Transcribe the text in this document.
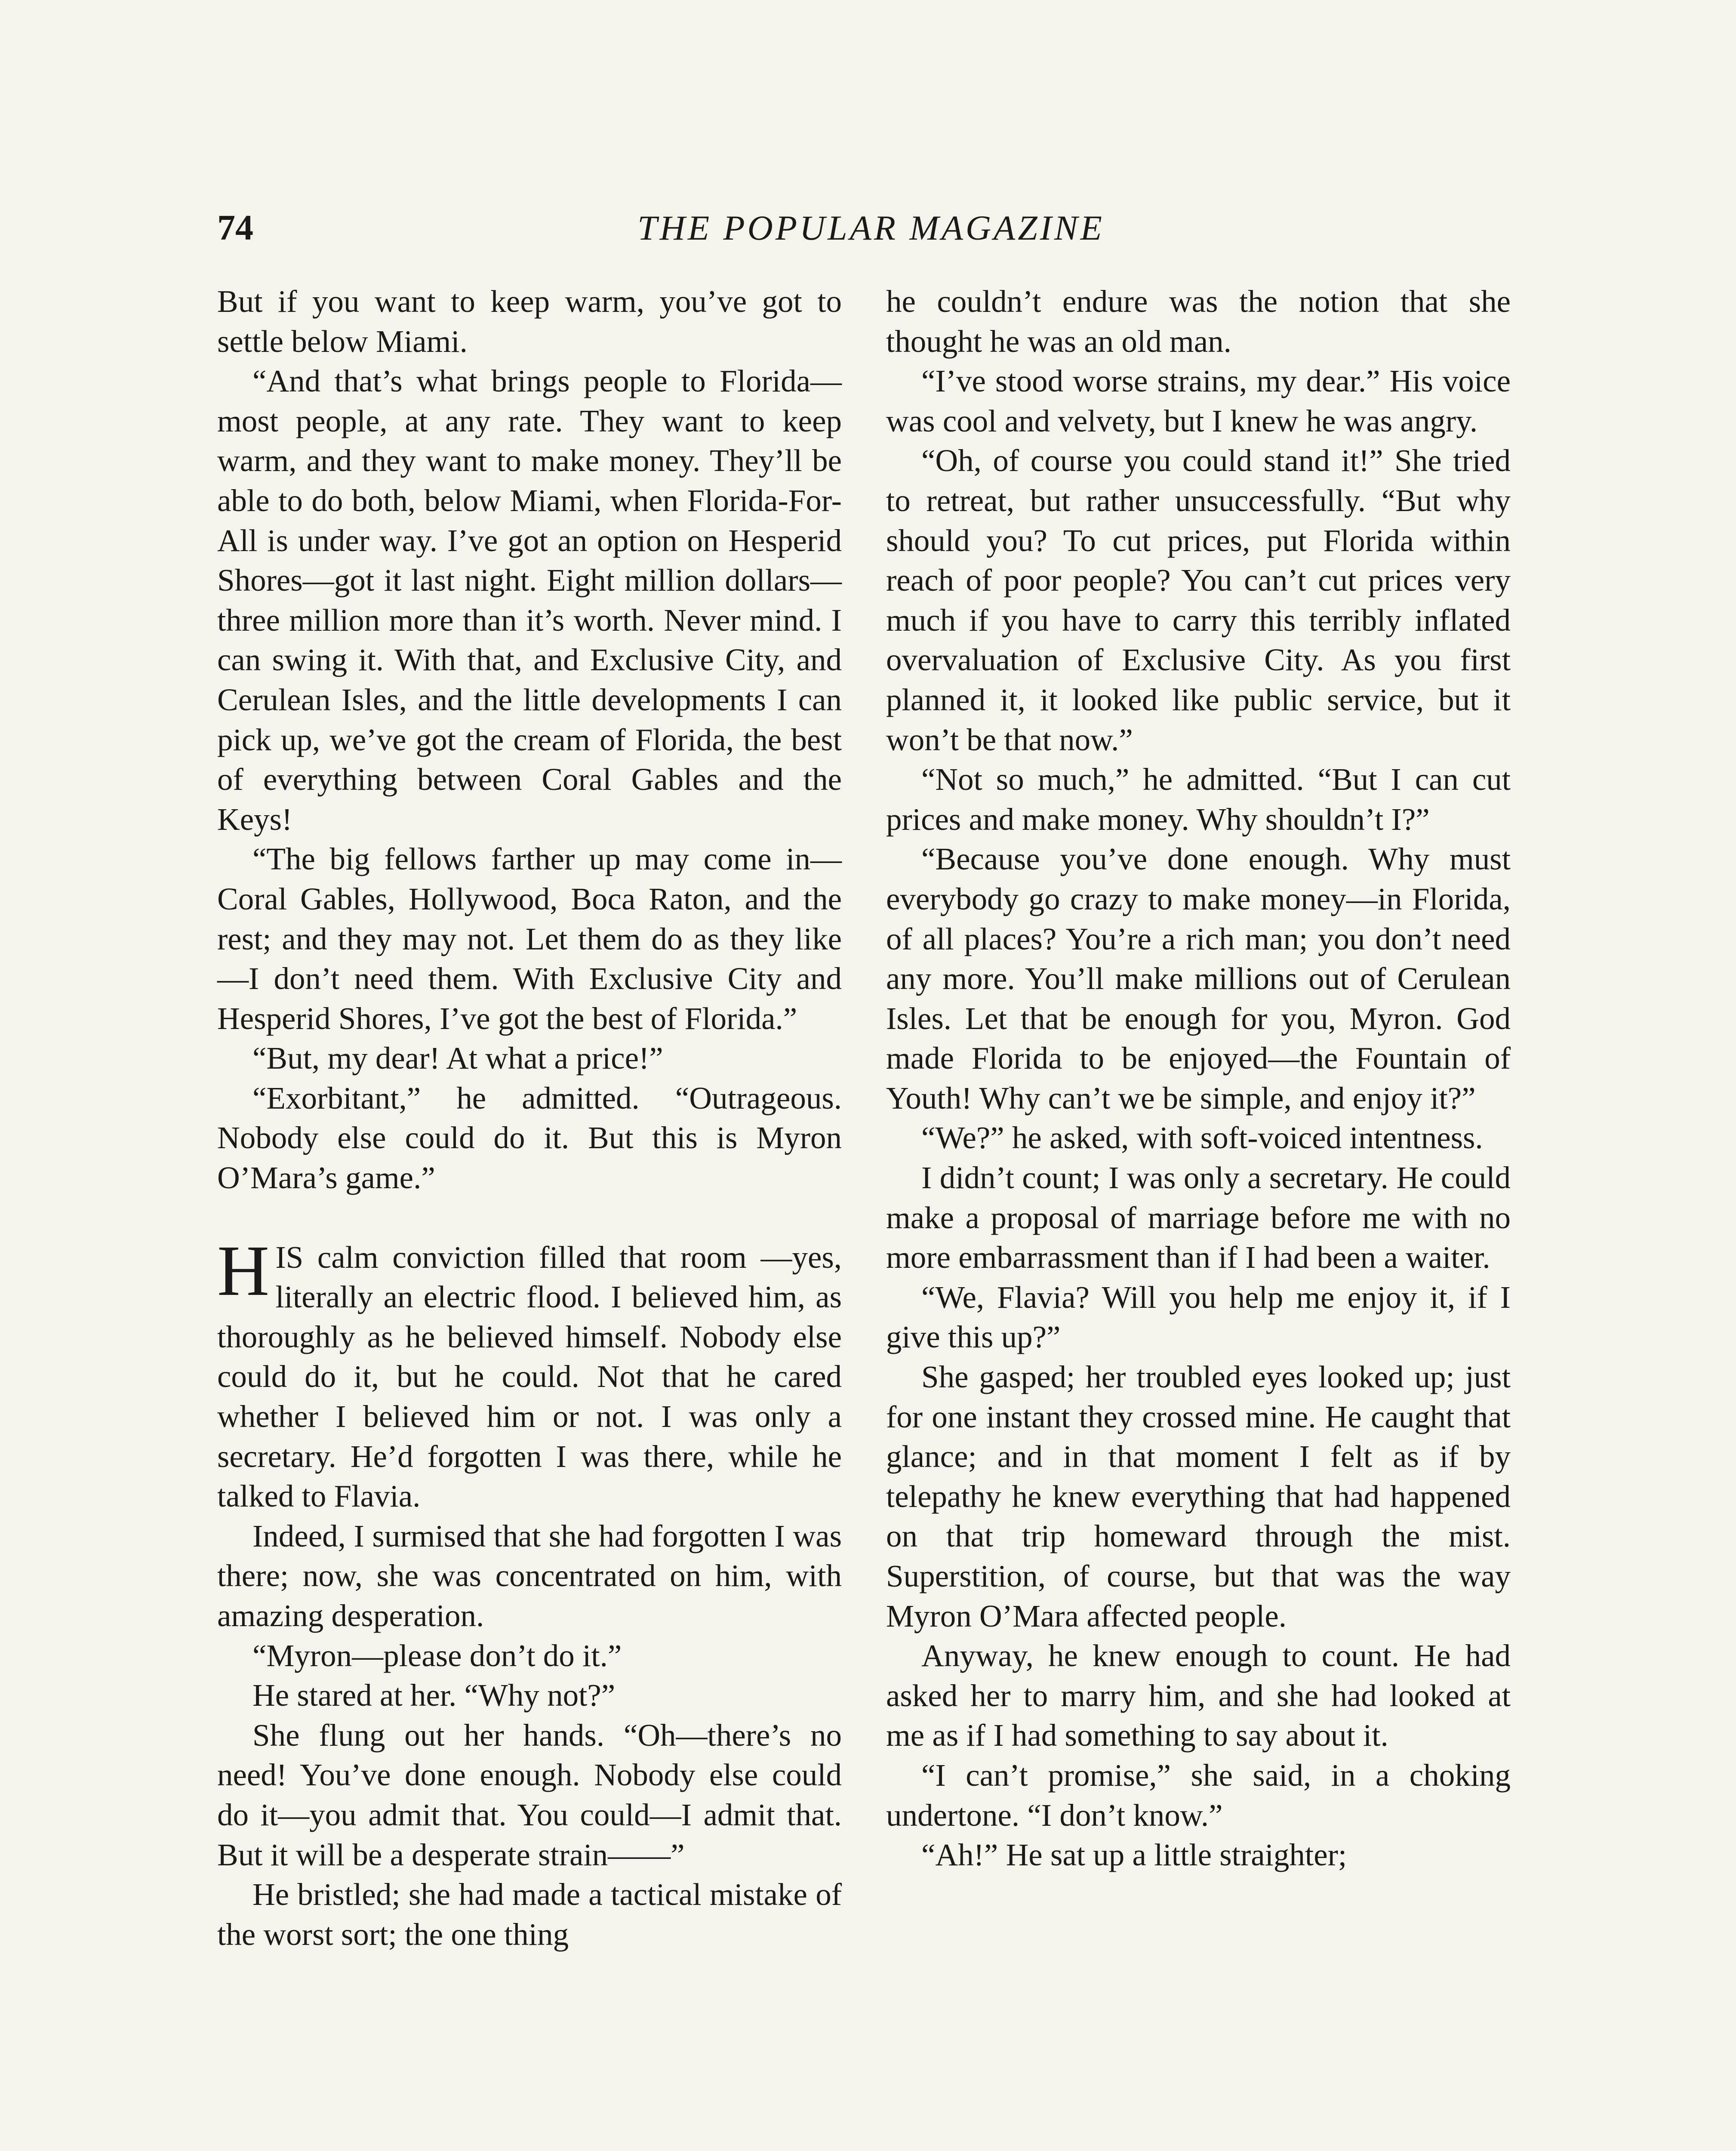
74	THE POPULAR MAGAZINE

But if you want to keep warm, you’ve got to settle below Miami.

“And that’s what brings people to Florida—most people, at any rate. They want to keep warm, and they want to make money. They’ll be able to do both, below Miami, when Florida-For-All is under way. I’ve got an option on Hesperid Shores—got it last night. Eight million dollars—three million more than it’s worth. Never mind. I can swing it. With that, and Exclusive City, and Cerulean Isles, and the little developments I can pick up, we’ve got the cream of Florida, the best of everything between Coral Gables and the Keys!

“The big fellows farther up may come in—Coral Gables, Hollywood, Boca Raton, and the rest; and they may not. Let them do as they like—I don’t need them. With Exclusive City and Hesperid Shores, I’ve got the best of Florida.”

“But, my dear! At what a price!”

“Exorbitant,” he admitted. “Outrageous. Nobody else could do it. But this is Myron O’Mara’s game.”

HIS calm conviction filled that room —yes, literally an electric flood. I believed him, as thoroughly as he believed himself. Nobody else could do it, but he could. Not that he cared whether I believed him or not. I was only a secretary. He’d forgotten I was there, while he talked to Flavia.

Indeed, I surmised that she had forgotten I was there; now, she was concentrated on him, with amazing desperation.

“Myron—please don’t do it.”

He stared at her. “Why not?”

She flung out her hands. “Oh—there’s no need! You’ve done enough. Nobody else could do it—you admit that. You could—I admit that. But it will be a desperate strain——”

He bristled; she had made a tactical mistake of the worst sort; the one thing

he couldn’t endure was the notion that she thought he was an old man.

“I’ve stood worse strains, my dear.” His voice was cool and velvety, but I knew he was angry.

“Oh, of course you could stand it!” She tried to retreat, but rather unsuccessfully. “But why should you? To cut prices, put Florida within reach of poor people? You can’t cut prices very much if you have to carry this terribly inflated overvaluation of Exclusive City. As you first planned it, it looked like public service, but it won’t be that now.”

“Not so much,” he admitted. “But I can cut prices and make money. Why shouldn’t I?”

“Because you’ve done enough. Why must everybody go crazy to make money—in Florida, of all places? You’re a rich man; you don’t need any more. You’ll make millions out of Cerulean Isles. Let that be enough for you, Myron. God made Florida to be enjoyed—the Fountain of Youth! Why can’t we be simple, and enjoy it?”

“We?” he asked, with soft-voiced intentness.

I didn’t count; I was only a secretary. He could make a proposal of marriage before me with no more embarrassment than if I had been a waiter.

“We, Flavia? Will you help me enjoy it, if I give this up?”

She gasped; her troubled eyes looked up; just for one instant they crossed mine. He caught that glance; and in that moment I felt as if by telepathy he knew everything that had happened on that trip homeward through the mist. Superstition, of course, but that was the way Myron O’Mara affected people.

Anyway, he knew enough to count. He had asked her to marry him, and she had looked at me as if I had something to say about it.

“I can’t promise,” she said, in a choking undertone. “I don’t know.”

“Ah!” He sat up a little straighter;
